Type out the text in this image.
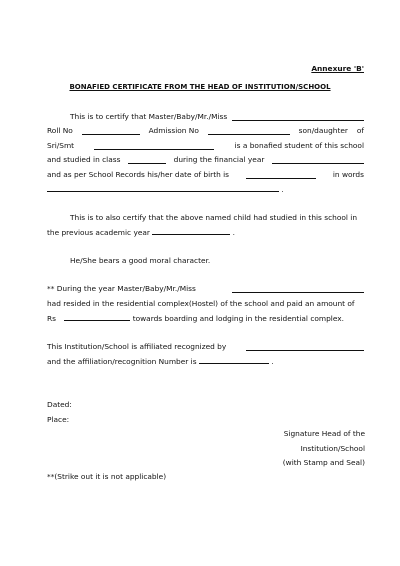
Annexure 'B'
BONAFIED CERTIFICATE FROM THE HEAD OF INSTITUTION/SCHOOL
This is to certify that Master/Baby/Mr./Miss
Roll No	Admission No	son/daughter of
Sri/Smt	is a bonafied student of this school
and studied in class	during the financial year
and as per School Records his/her date of birth is	in words
.
This is to also certify that the above named child had studied in this school in
the previous academic year	.
He/She bears a good moral character.
** During the year Master/Baby/Mr./Miss
had resided in the residential complex(Hostel) of the school and paid an amount of
Rs	towards boarding and lodging in the residential complex.
This Institution/School is affiliated recognized by
and the affiliation/recognition Number is	.
Dated:
Place:
Signature Head of the
Institution/School
(with Stamp and Seal)
**(Strike out it is not applicable)
